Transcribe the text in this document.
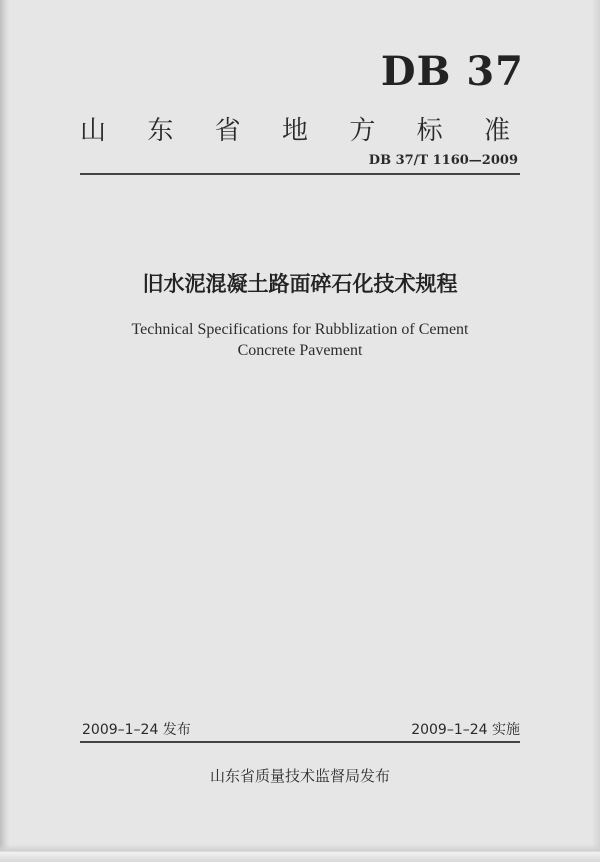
DB 37
山 东 省 地 方 标 准
DB 37/T 1160—2009
旧水泥混凝土路面碎石化技术规程
Technical Specifications for Rubblization of Cement
Concrete Pavement
2009–1–24 发布	2009–1–24 实施
山东省质量技术监督局发布
